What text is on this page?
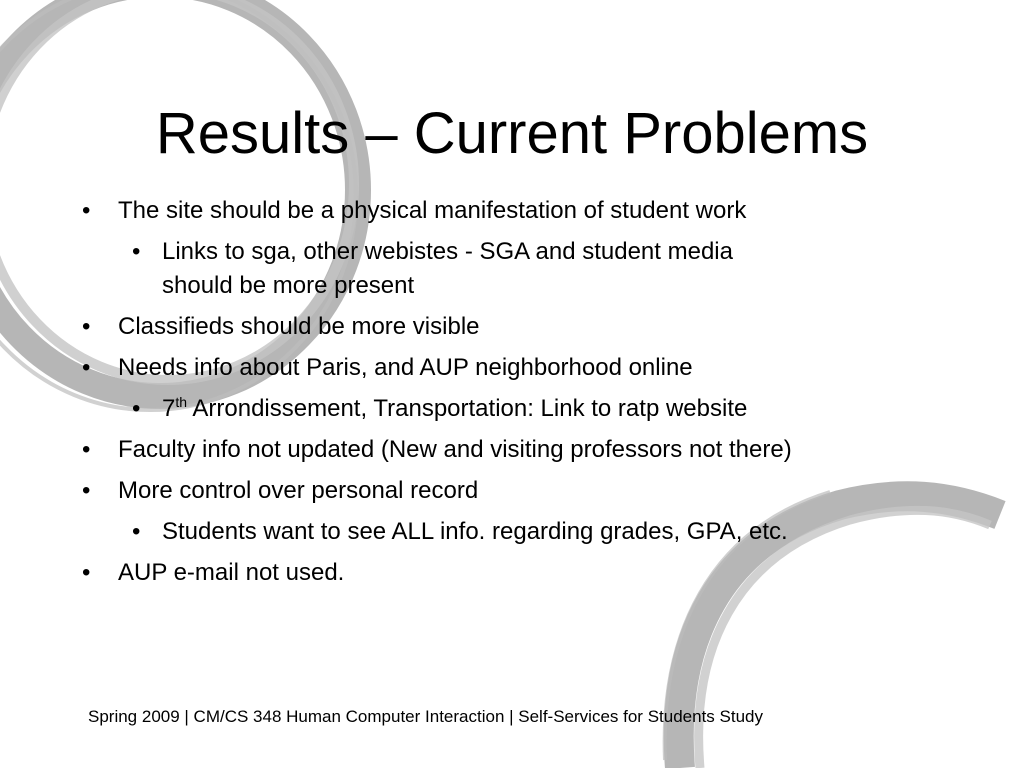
Results – Current Problems
• The site should be a physical manifestation of student work
• Links to sga, other webistes - SGA and student media
should be more present
• Classifieds should be more visible
• Needs info about Paris, and AUP neighborhood online
• 7th Arrondissement, Transportation: Link to ratp website
• Faculty info not updated (New and visiting professors not there)
• More control over personal record
• Students want to see ALL info. regarding grades, GPA, etc.
• AUP e-mail not used.
Spring 2009 | CM/CS 348 Human Computer Interaction | Self-Services for Students Study
